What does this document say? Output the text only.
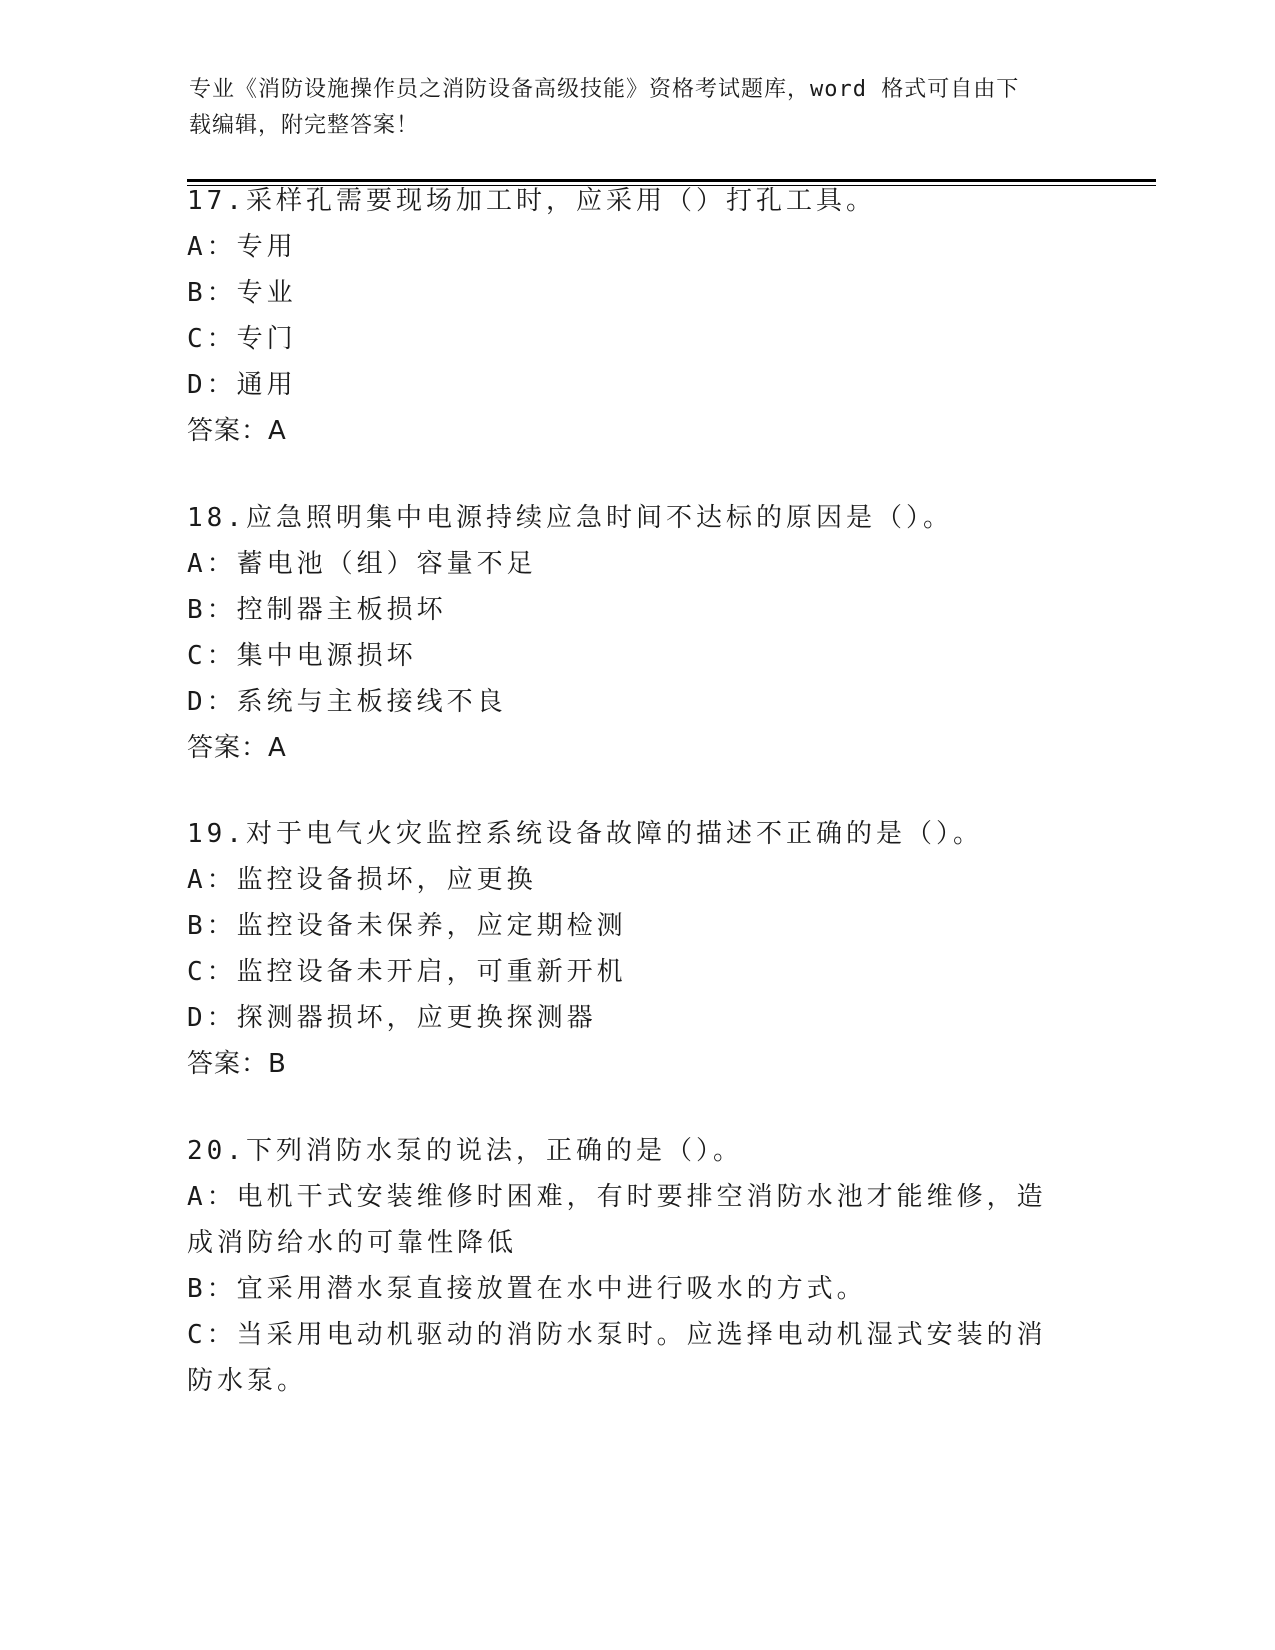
专业《消防设施操作员之消防设备高级技能》资格考试题库，word 格式可自由下
载编辑，附完整答案！
17.采样孔需要现场加工时，应采用（）打孔工具。
A：专用
B：专业
C：专门
D：通用
答案：A
18.应急照明集中电源持续应急时间不达标的原因是（）。
A：蓄电池（组）容量不足
B：控制器主板损坏
C：集中电源损坏
D：系统与主板接线不良
答案：A
19.对于电气火灾监控系统设备故障的描述不正确的是（）。
A：监控设备损坏，应更换
B：监控设备未保养，应定期检测
C：监控设备未开启，可重新开机
D：探测器损坏，应更换探测器
答案：B
20.下列消防水泵的说法，正确的是（）。
A：电机干式安装维修时困难，有时要排空消防水池才能维修，造成消防给水的可靠性降低
B：宜采用潜水泵直接放置在水中进行吸水的方式。
C：当采用电动机驱动的消防水泵时。应选择电动机湿式安装的消防水泵。
